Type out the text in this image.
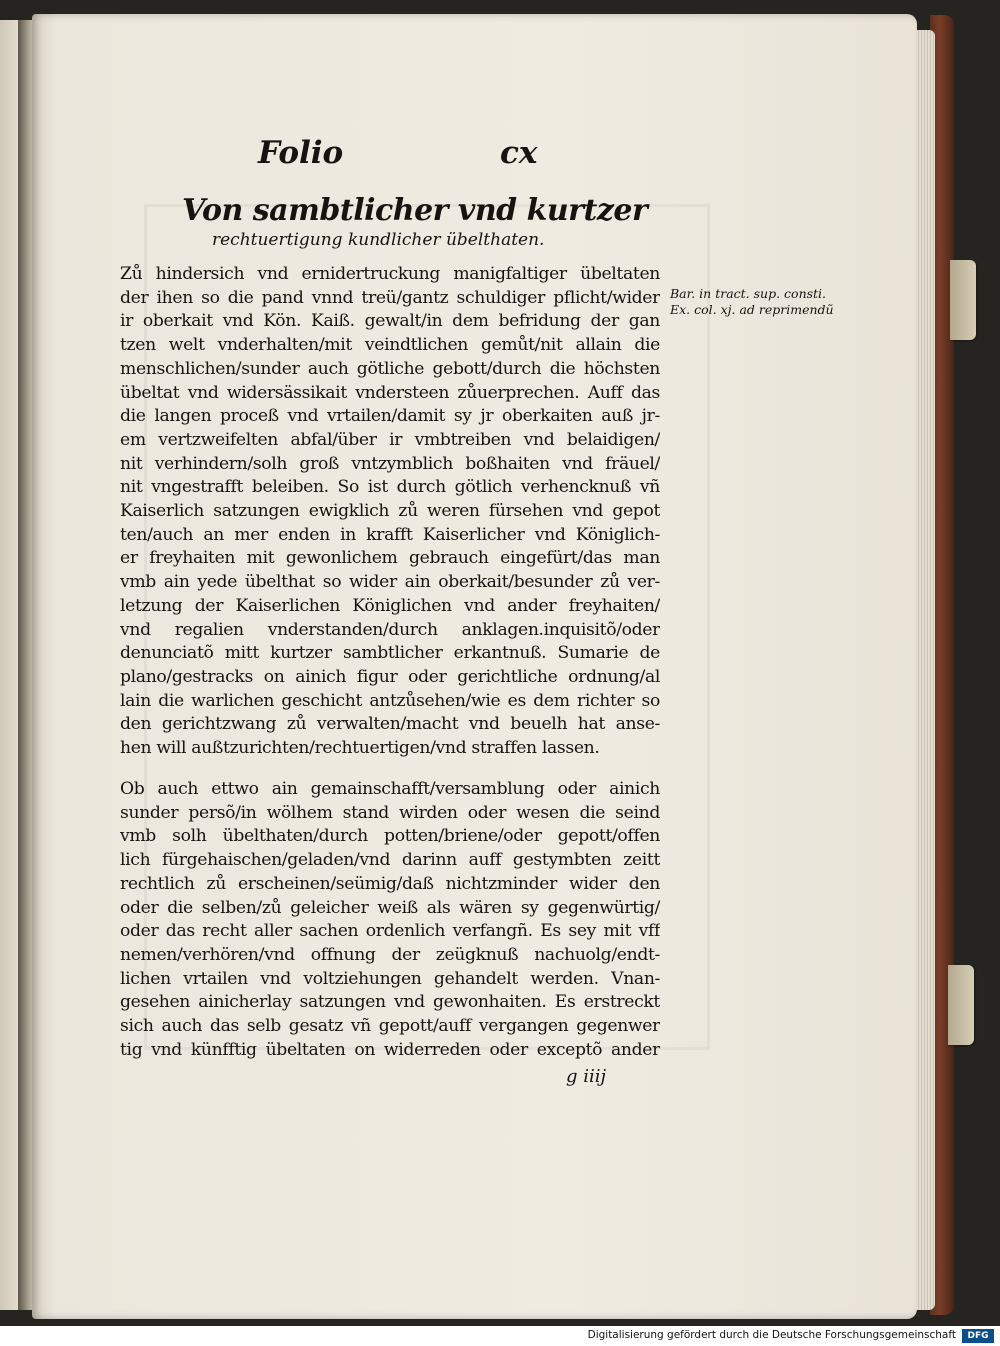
Folio	cx
Von sambtlicher vnd kurtzer
rechtuertigung kundlicher übelthaten.
Zů hindersich vnd ernidertruckung manigfaltiger übeltaten
der ihen so die pand vnnd treü/gantz schuldiger pflicht/wider
ir oberkait vnd Kön. Kaiß. gewalt/in dem befridung der gan
tzen welt vnderhalten/mit veindtlichen gemůt/nit allain die
menschlichen/sunder auch götliche gebott/durch die höchsten
übeltat vnd widersässikait vndersteen zůuerprechen. Auff das
die langen proceß vnd vrtailen/damit sy jr oberkaiten auß jr-
em vertzweifelten abfal/über ir vmbtreiben vnd belaidigen/
nit verhindern/solh groß vntzymblich boßhaiten vnd fräuel/
nit vngestrafft beleiben. So ist durch götlich verhencknuß vñ
Kaiserlich satzungen ewigklich zů weren fürsehen vnd gepot
ten/auch an mer enden in krafft Kaiserlicher vnd Königlich-
er freyhaiten mit gewonlichem gebrauch eingefürt/das man
vmb ain yede übelthat so wider ain oberkait/besunder zů ver-
letzung der Kaiserlichen Königlichen vnd ander freyhaiten/
vnd regalien vnderstanden/durch anklagen.inquisitõ/oder
denunciatõ mitt kurtzer sambtlicher erkantnuß. Sumarie de
plano/gestracks on ainich figur oder gerichtliche ordnung/al
lain die warlichen geschicht antzůsehen/wie es dem richter so
den gerichtzwang zů verwalten/macht vnd beuelh hat anse-
hen will außtzurichten/rechtuertigen/vnd straffen lassen.
Ob auch ettwo ain gemainschafft/versamblung oder ainich
sunder persõ/in wölhem stand wirden oder wesen die seind
vmb solh übelthaten/durch potten/briene/oder gepott/offen
lich fürgehaischen/geladen/vnd darinn auff gestymbten zeitt
rechtlich zů erscheinen/seümig/daß nichtzminder wider den
oder die selben/zů geleicher weiß als wären sy gegenwürtig/
oder das recht aller sachen ordenlich verfangñ. Es sey mit vff
nemen/verhören/vnd offnung der zeügknuß nachuolg/endt-
lichen vrtailen vnd voltziehungen gehandelt werden. Vnan-
gesehen ainicherlay satzungen vnd gewonhaiten. Es erstreckt
sich auch das selb gesatz vñ gepott/auff vergangen gegenwer
tig vnd künfftig übeltaten on widerreden oder exceptõ ander
Bar. in tract. sup. consti.
Ex. col. xj. ad reprimendũ
g iiij
Digitalisierung gefördert durch die Deutsche Forschungsgemeinschaft	DFG
